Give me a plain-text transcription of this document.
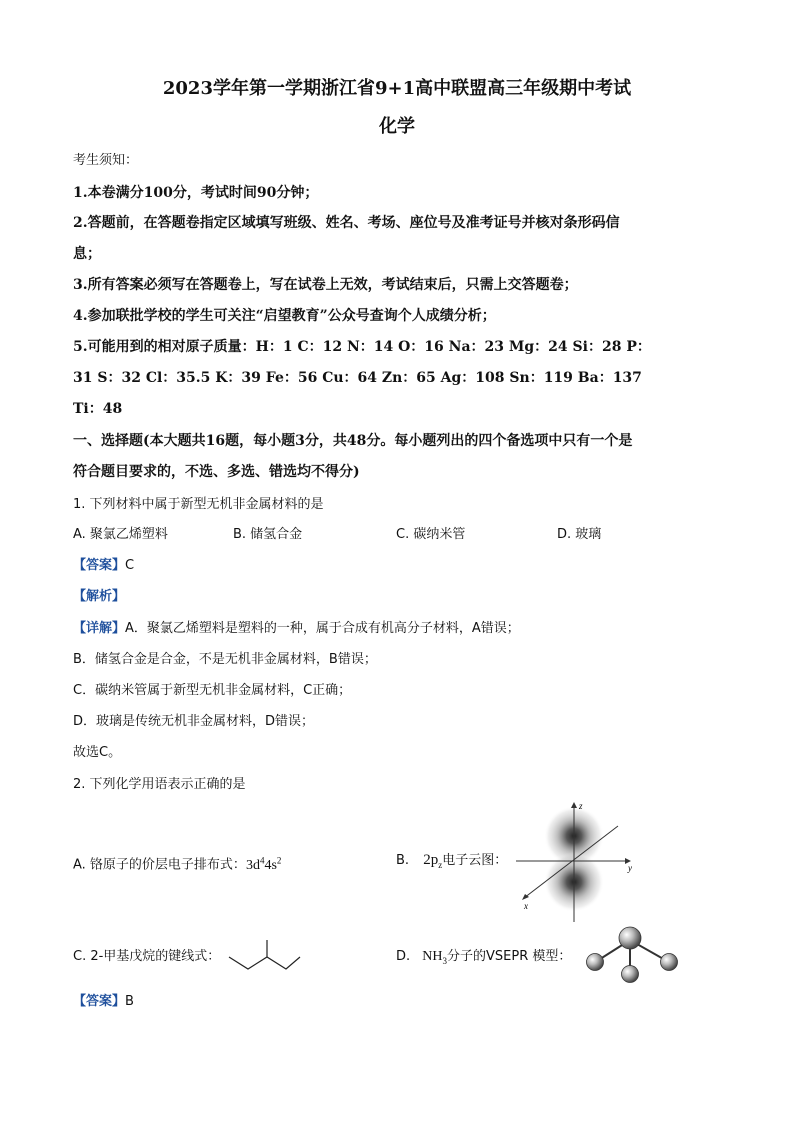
2023学年第一学期浙江省9+1高中联盟高三年级期中考试
化学
考生须知：
1.本卷满分100分，考试时间90分钟；
2.答题前，在答题卷指定区域填写班级、姓名、考场、座位号及准考证号并核对条形码信
息；
3.所有答案必须写在答题卷上，写在试卷上无效，考试结束后，只需上交答题卷；
4.参加联批学校的学生可关注“启望教育”公众号查询个人成绩分析；
5.可能用到的相对原子质量：H：1 C：12 N：14 O：16 Na：23 Mg：24 Si：28 P：
31 S：32 Cl：35.5 K：39 Fe：56 Cu：64 Zn：65 Ag：108 Sn：119 Ba：137
Ti：48
一、选择题(本大题共16题，每小题3分，共48分。每小题列出的四个备选项中只有一个是
符合题目要求的，不选、多选、错选均不得分)
1. 下列材料中属于新型无机非金属材料的是
A. 聚氯乙烯塑料	B. 储氢合金	C. 碳纳米管	D. 玻璃
【答案】C
【解析】
【详解】A．聚氯乙烯塑料是塑料的一种，属于合成有机高分子材料，A错误；
B．储氢合金是合金，不是无机非金属材料，B错误；
C．碳纳米管属于新型无机非金属材料，C正确；
D．玻璃是传统无机非金属材料，D错误；
故选C。
2. 下列化学用语表示正确的是
A. 铬原子的价层电子排布式：$3d^44s^2$	B. $2p_z$电子云图：
z
y
x
C. 2-甲基戊烷的键线式：	D. $NH_3$分子的VSEPR 模型：
【答案】B
